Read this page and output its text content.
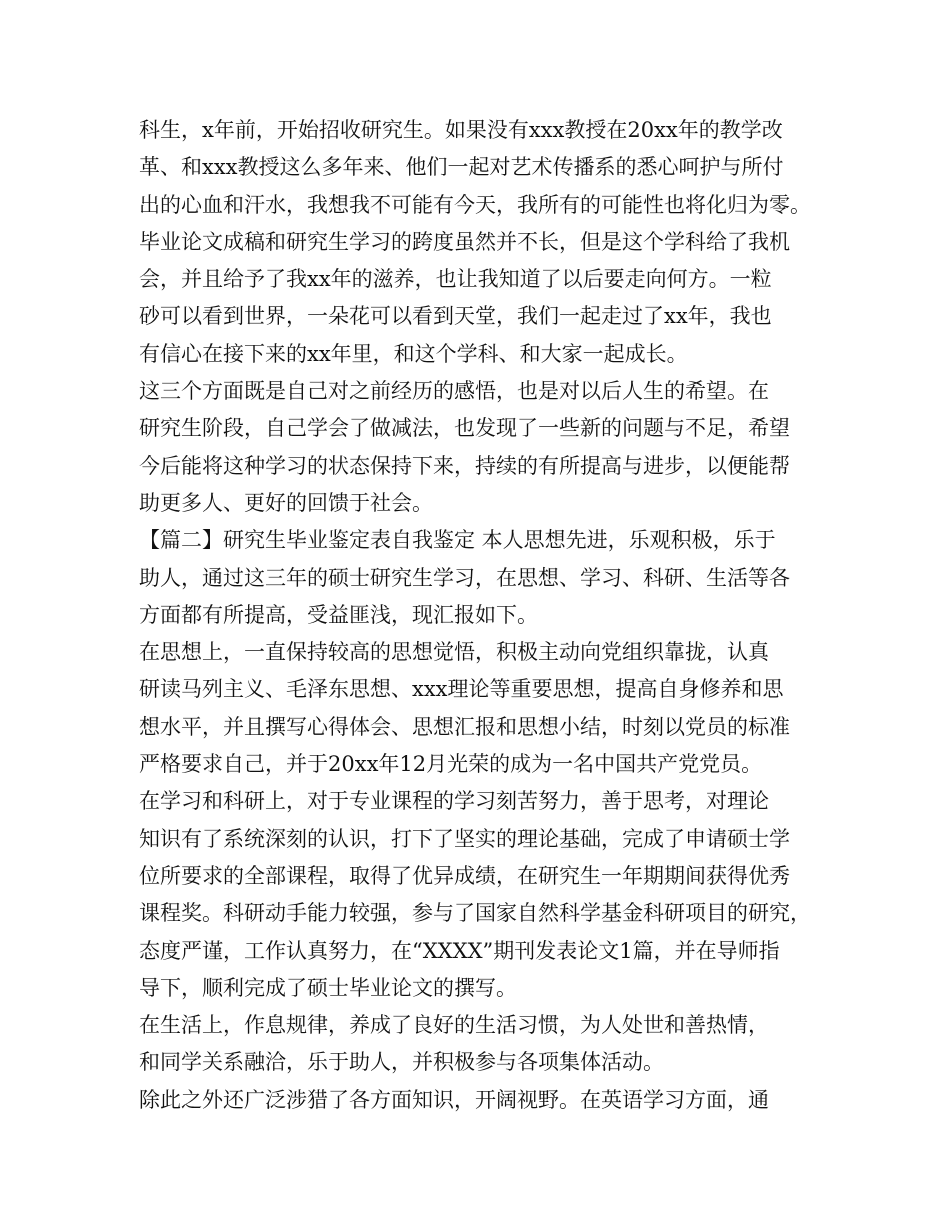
科生，x年前，开始招收研究生。如果没有xxx教授在20xx年的教学改
革、和xxx教授这么多年来、他们一起对艺术传播系的悉心呵护与所付
出的心血和汗水，我想我不可能有今天，我所有的可能性也将化归为零。
毕业论文成稿和研究生学习的跨度虽然并不长，但是这个学科给了我机
会，并且给予了我xx年的滋养，也让我知道了以后要走向何方。一粒
砂可以看到世界，一朵花可以看到天堂，我们一起走过了xx年，我也
有信心在接下来的xx年里，和这个学科、和大家一起成长。
这三个方面既是自己对之前经历的感悟，也是对以后人生的希望。在
研究生阶段，自己学会了做减法，也发现了一些新的问题与不足，希望
今后能将这种学习的状态保持下来，持续的有所提高与进步，以便能帮
助更多人、更好的回馈于社会。
【篇二】研究生毕业鉴定表自我鉴定 本人思想先进，乐观积极，乐于
助人，通过这三年的硕士研究生学习，在思想、学习、科研、生活等各
方面都有所提高，受益匪浅，现汇报如下。
在思想上，一直保持较高的思想觉悟，积极主动向党组织靠拢，认真
研读马列主义、毛泽东思想、xxx理论等重要思想，提高自身修养和思
想水平，并且撰写心得体会、思想汇报和思想小结，时刻以党员的标准
严格要求自己，并于20xx年12月光荣的成为一名中国共产党党员。
在学习和科研上，对于专业课程的学习刻苦努力，善于思考，对理论
知识有了系统深刻的认识，打下了坚实的理论基础，完成了申请硕士学
位所要求的全部课程，取得了优异成绩，在研究生一年期期间获得优秀
课程奖。科研动手能力较强，参与了国家自然科学基金科研项目的研究，
态度严谨，工作认真努力，在“XXXX”期刊发表论文1篇，并在导师指
导下，顺利完成了硕士毕业论文的撰写。
在生活上，作息规律，养成了良好的生活习惯，为人处世和善热情，
和同学关系融洽，乐于助人，并积极参与各项集体活动。
除此之外还广泛涉猎了各方面知识，开阔视野。在英语学习方面，通
